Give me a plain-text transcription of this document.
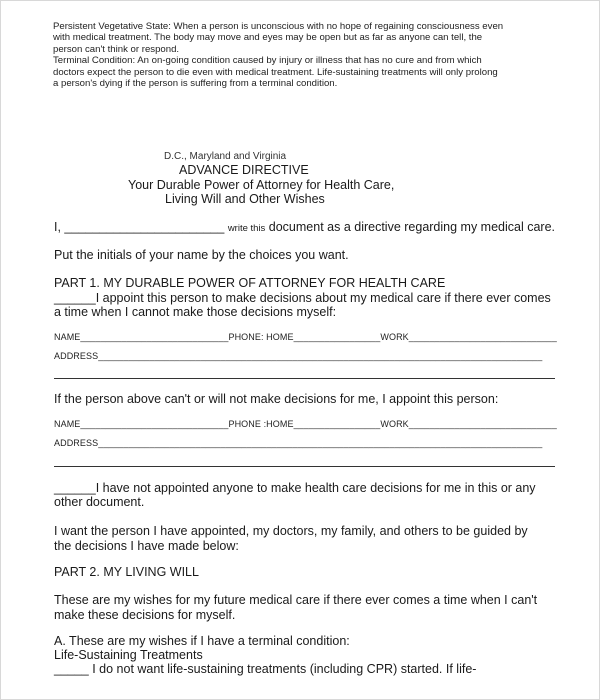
Persistent Vegetative State: When a person is unconscious with no hope of regaining consciousness even

with medical treatment. The body may move and eyes may be open but as far as anyone can tell, the

person can't think or respond.

Terminal Condition: An on-going condition caused by injury or illness that has no cure and from which

doctors expect the person to die even with medical treatment. Life-sustaining treatments will only prolong

a person's dying if the person is suffering from a terminal condition.

D.C., Maryland and Virginia
ADVANCE DIRECTIVE
Your Durable Power of Attorney for Health Care,
Living Will and Other Wishes
I, _______________________ write this document as a directive regarding my medical care.
Put the initials of your name by the choices you want.
PART 1. MY DURABLE POWER OF ATTORNEY FOR HEALTH CARE
______I appoint this person to make decisions about my medical care if there ever comes
a time when I cannot make those decisions myself:
NAME_____________________________PHONE: HOME_________________WORK_____________________________
ADDRESS_______________________________________________________________________________________
If the person above can't or will not make decisions for me, I appoint this person:
NAME_____________________________PHONE :HOME_________________WORK_____________________________
ADDRESS_______________________________________________________________________________________
______I have not appointed anyone to make health care decisions for me in this or any
other document.
I want the person I have appointed, my doctors, my family, and others to be guided by
the decisions I have made below:
PART 2. MY LIVING WILL
These are my wishes for my future medical care if there ever comes a time when I can't
make these decisions for myself.
A. These are my wishes if I have a terminal condition:
Life-Sustaining Treatments
_____ I do not want life-sustaining treatments (including CPR) started. If life-
